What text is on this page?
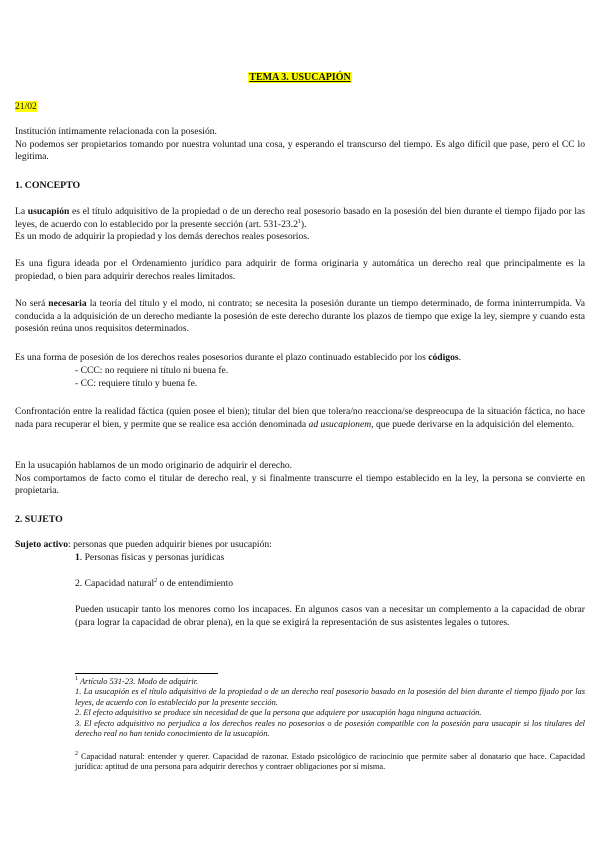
TEMA 3. USUCAPIÓN
21/02

Institución íntimamente relacionada con la posesión.
No podemos ser propietarios tomando por nuestra voluntad una cosa, y esperando el transcurso del tiempo. Es algo difícil que pase, pero el CC lo legitima.

1. CONCEPTO

La usucapión es el título adquisitivo de la propiedad o de un derecho real posesorio basado en la posesión del bien durante el tiempo fijado por las leyes, de acuerdo con lo establecido por la presente sección (art. 531-23.2$^1$).
Es un modo de adquirir la propiedad y los demás derechos reales posesorios.

Es una figura ideada por el Ordenamiento jurídico para adquirir de forma originaria y automática un derecho real que principalmente es la propiedad, o bien para adquirir derechos reales limitados.

No será necesaria la teoría del título y el modo, ni contrato; se necesita la posesión durante un tiempo determinado, de forma ininterrumpida. Va conducida a la adquisición de un derecho mediante la posesión de este derecho durante los plazos de tiempo que exige la ley, siempre y cuando esta posesión reúna unos requisitos determinados.

Es una forma de posesión de los derechos reales posesorios durante el plazo continuado establecido por los códigos.

- CCC: no requiere ni título ni buena fe.
- CC: requiere título y buena fe.

Confrontación entre la realidad fáctica (quien posee el bien); titular del bien que tolera/no reacciona/se despreocupa de la situación fáctica, no hace nada para recuperar el bien, y permite que se realice esa acción denominada ad usucapionem, que puede derivarse en la adquisición del elemento.

En la usucapión hablamos de un modo originario de adquirir el derecho.
Nos comportamos de facto como el titular de derecho real, y si finalmente transcurre el tiempo establecido en la ley, la persona se convierte en propietaria.

2. SUJETO
Sujeto activo: personas que pueden adquirir bienes por usucapión:
1. Personas físicas y personas jurídicas
2. Capacidad natural$^2$ o de entendimiento

Pueden usucapir tanto los menores como los incapaces. En algunos casos van a necesitar un complemento a la capacidad de obrar (para lograr la capacidad de obrar plena), en la que se exigirá la representación de sus asistentes legales o tutores.

$^1$ Artículo 531-23. Modo de adquirir.
1. La usucapión es el título adquisitivo de la propiedad o de un derecho real posesorio basado en la posesión del bien durante el tiempo fijado por las leyes, de acuerdo con lo establecido por la presente sección.
2. El efecto adquisitivo se produce sin necesidad de que la persona que adquiere por usucapión haga ninguna actuación.
3. El efecto adquisitivo no perjudica a los derechos reales no posesorios o de posesión compatible con la posesión para usucapir si los titulares del derecho real no han tenido conocimiento de la usucapión.

$^2$ Capacidad natural: entender y querer. Capacidad de razonar. Estado psicológico de raciocinio que permite saber al donatario que hace. Capacidad jurídica: aptitud de una persona para adquirir derechos y contraer obligaciones por sí misma.
